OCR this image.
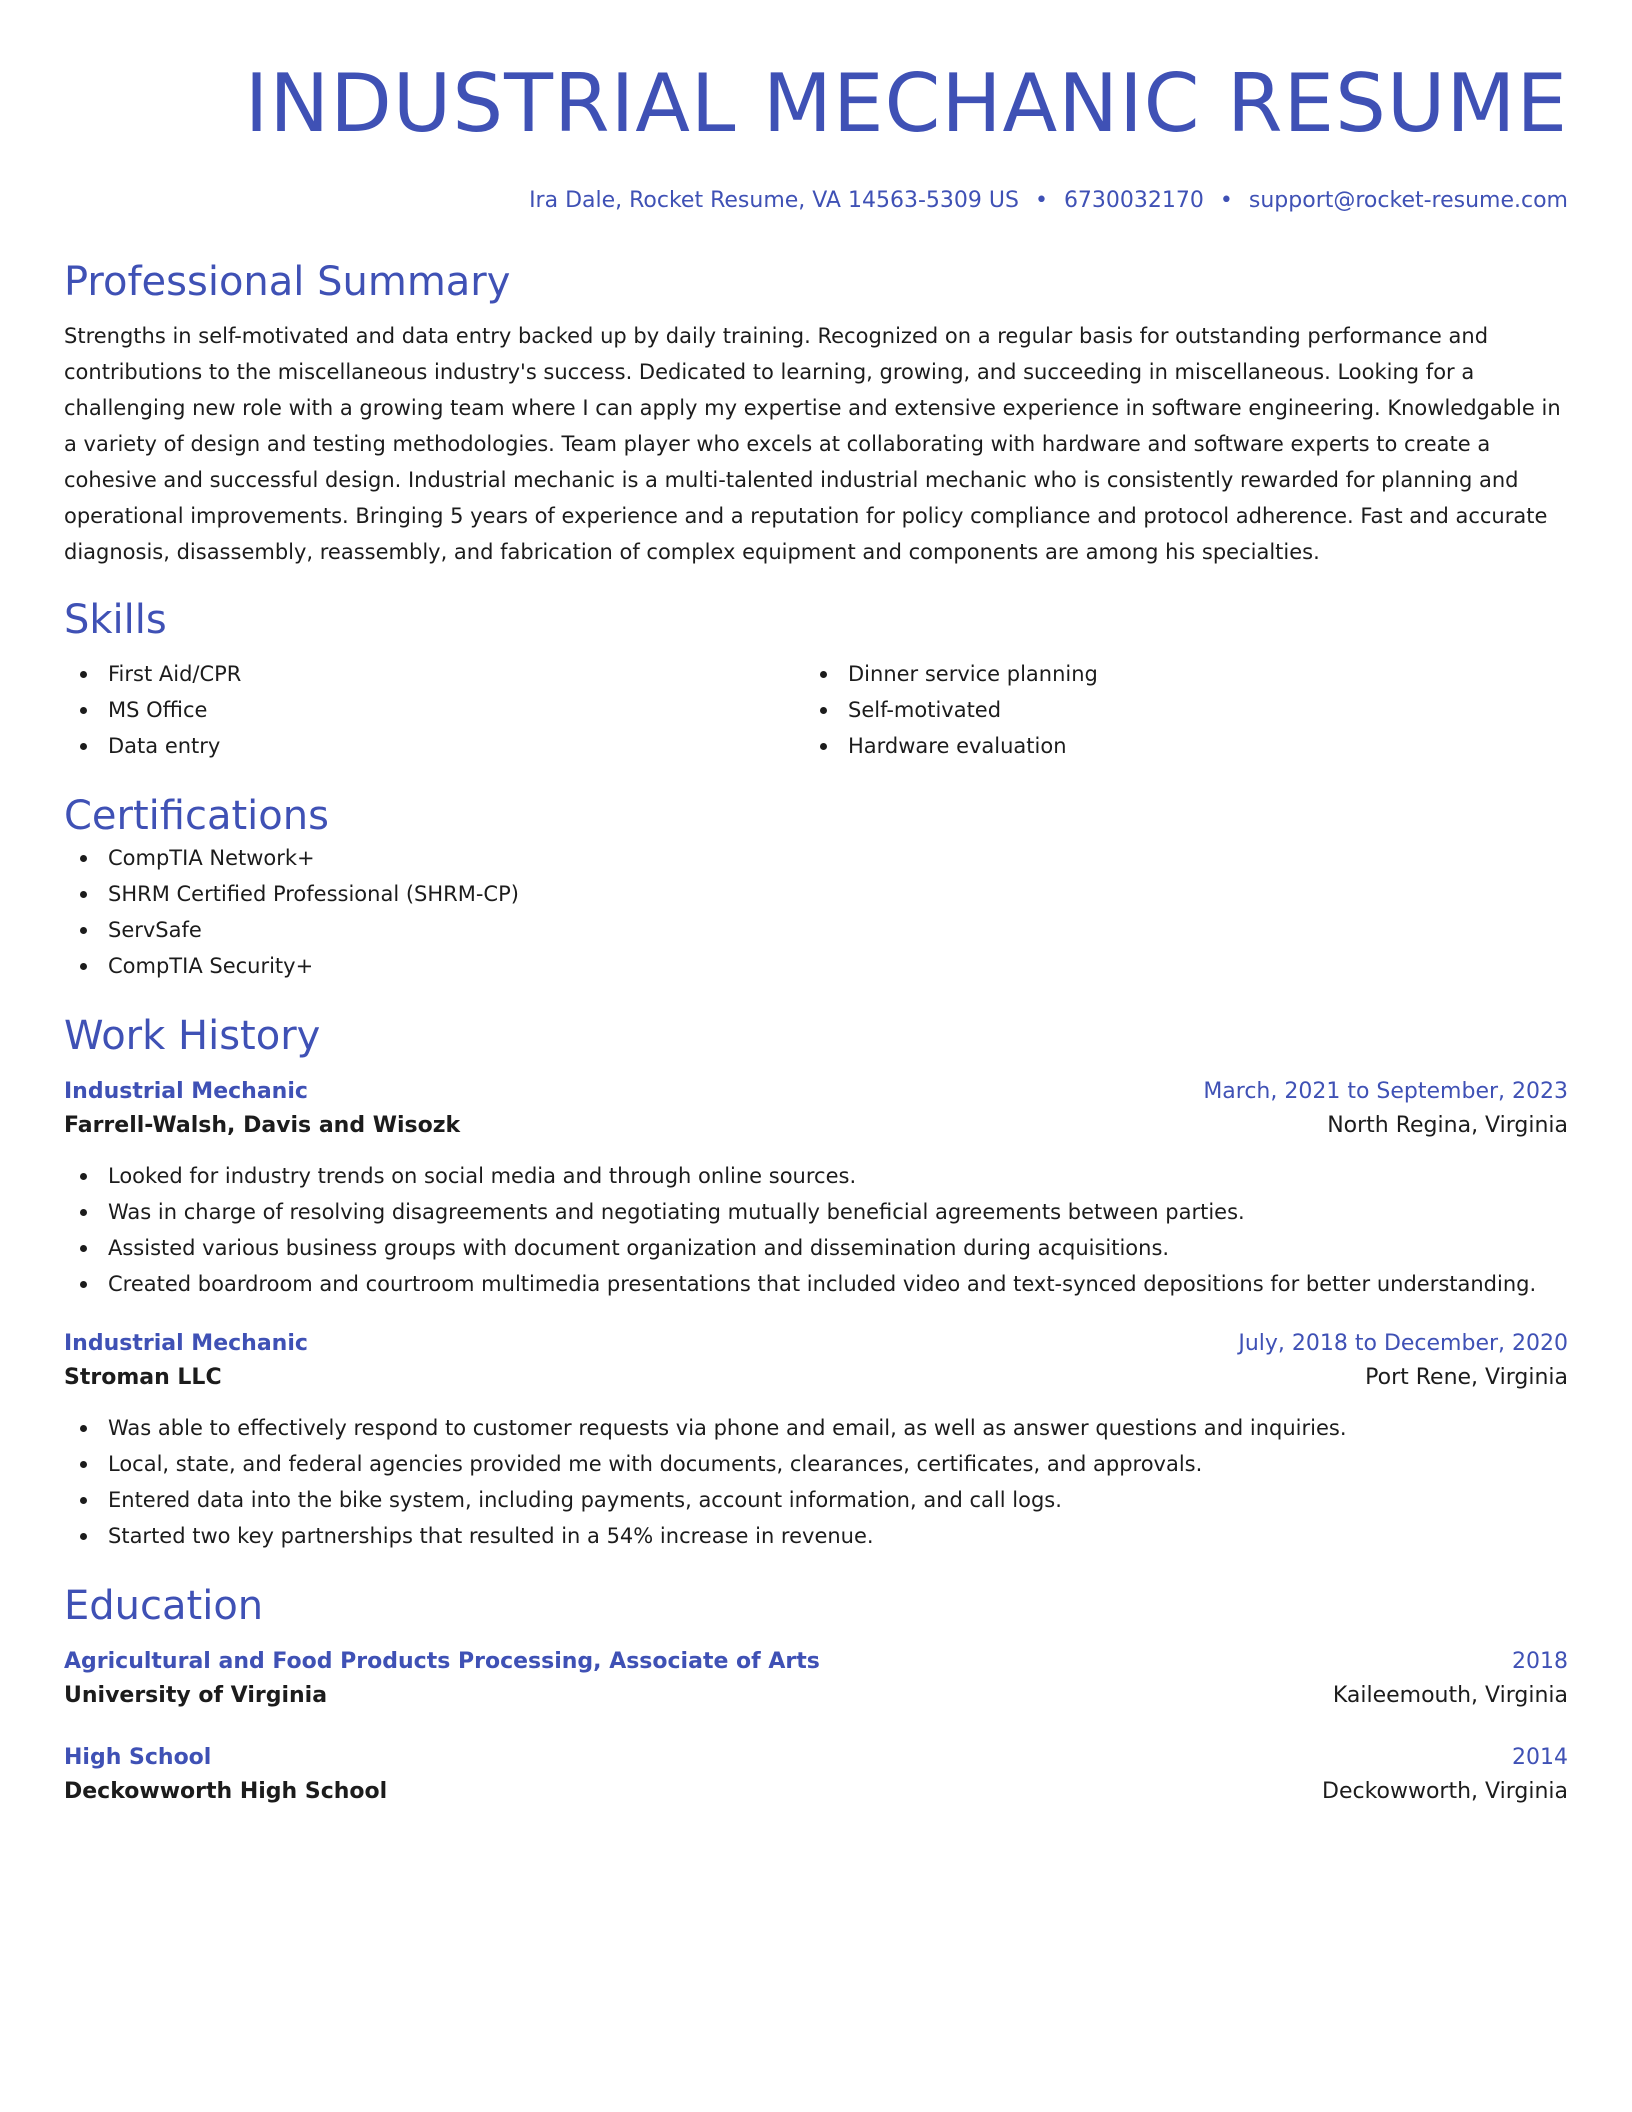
INDUSTRIAL MECHANIC RESUME
Ira Dale, Rocket Resume, VA 14563-5309 US • 6730032170 • support@rocket-resume.com
Professional Summary
Strengths in self-motivated and data entry backed up by daily training. Recognized on a regular basis for outstanding performance and contributions to the miscellaneous industry's success. Dedicated to learning, growing, and succeeding in miscellaneous. Looking for a challenging new role with a growing team where I can apply my expertise and extensive experience in software engineering. Knowledgable in a variety of design and testing methodologies. Team player who excels at collaborating with hardware and software experts to create a cohesive and successful design. Industrial mechanic is a multi-talented industrial mechanic who is consistently rewarded for planning and operational improvements. Bringing 5 years of experience and a reputation for policy compliance and protocol adherence. Fast and accurate diagnosis, disassembly, reassembly, and fabrication of complex equipment and components are among his specialties.
Skills
First Aid/CPR
MS Office
Data entry
Dinner service planning
Self-motivated
Hardware evaluation
Certifications
CompTIA Network+
SHRM Certified Professional (SHRM-CP)
ServSafe
CompTIA Security+
Work History
Industrial Mechanic	March, 2021 to September, 2023
Farrell-Walsh, Davis and Wisozk	North Regina, Virginia
Looked for industry trends on social media and through online sources.
Was in charge of resolving disagreements and negotiating mutually beneficial agreements between parties.
Assisted various business groups with document organization and dissemination during acquisitions.
Created boardroom and courtroom multimedia presentations that included video and text-synced depositions for better understanding.
Industrial Mechanic	July, 2018 to December, 2020
Stroman LLC	Port Rene, Virginia
Was able to effectively respond to customer requests via phone and email, as well as answer questions and inquiries.
Local, state, and federal agencies provided me with documents, clearances, certificates, and approvals.
Entered data into the bike system, including payments, account information, and call logs.
Started two key partnerships that resulted in a 54% increase in revenue.
Education
Agricultural and Food Products Processing, Associate of Arts	2018
University of Virginia	Kaileemouth, Virginia
High School	2014
Deckowworth High School	Deckowworth, Virginia
